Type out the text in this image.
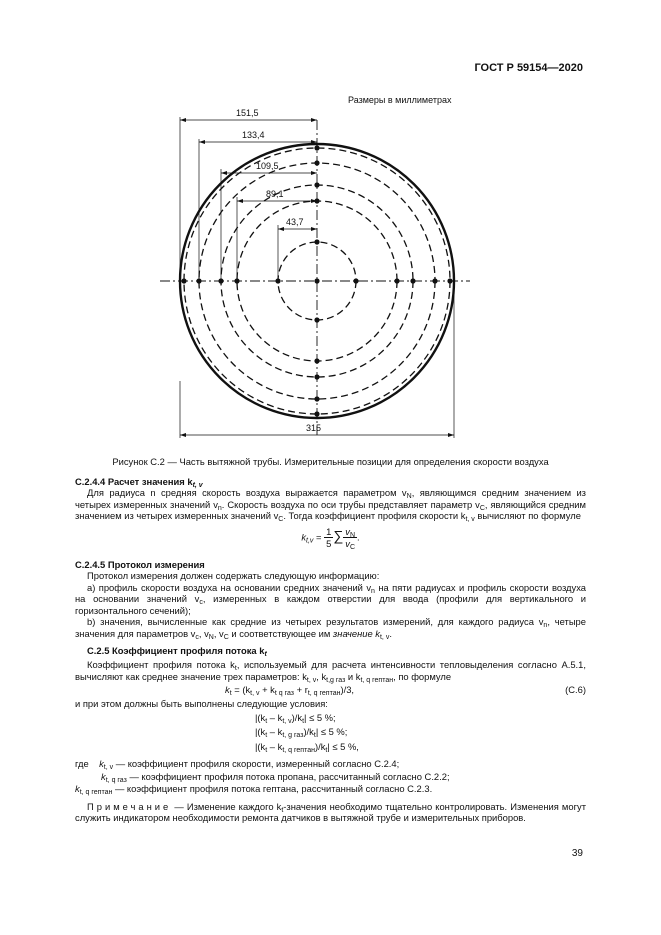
ГОСТ Р 59154—2020
Размеры в миллиметрах
151,5
133,4
109,5
89,1
43,7
315
Рисунок С.2 — Часть вытяжной трубы. Измерительные позиции для определения скорости воздуха
C.2.4.4 Расчет значения $k_{t, v}$
Для радиуса n средняя скорость воздуха выражается параметром $v_N$, являющимся средним значением из четырех измеренных значений $v_n$. Скорость воздуха по оси трубы представляет параметр $v_C$, являющийся средним значением из четырех измеренных значений $v_C$. Тогда коэффициент профиля скорости $k_{t, v}$ вычисляют по формуле
$k_{t,v} = \frac{1}{5}$ ∑ $\frac{v_N}{v_C}$ .
C.2.4.5 Протокол измерения
Протокол измерения должен содержать следующую информацию:
a) профиль скорости воздуха на основании средних значений $v_n$ на пяти радиусах и профиль скорости воздуха на основании значений $v_c$, измеренных в каждом отверстии для ввода (профили для вертикального и горизонтального сечений);
b) значения, вычисленные как средние из четырех результатов измерений, для каждого радиуса $v_n$, четыре значения для параметров $v_c$, $v_N$, $v_C$ и соответствующее им значение $k_{t, v}$.
C.2.5 Коэффициент профиля потока $k_t$
Коэффициент профиля потока $k_t$, используемый для расчета интенсивности тепловыделения согласно А.5.1, вычисляют как среднее значение трех параметров: $k_{t, v}$, $k_{t,g газ}$ и $k_{t, q гептан}$, по формуле
$k_t = (k_{t, v} + k_{t q газ} + r_{t, q гептан})/3$,	(C.6)
и при этом должны быть выполнены следующие условия:
$|(k_t - k_{t, v})/k_t| \le 5$ %;
$|(k_t - k_{t, g газ})/k_t| \le 5$ %;
$|(k_t - k_{t, q гептан})/k_t| \le 5$ %,
где    $k_{t, v}$ — коэффициент профиля скорости, измеренный согласно С.2.4;
$k_{t, q газ}$ — коэффициент профиля потока пропана, рассчитанный согласно С.2.2;
$k_{t, q гептан}$ — коэффициент профиля потока гептана, рассчитанный согласно С.2.3.
Примечание — Изменение каждого $k_t$-значения необходимо тщательно контролировать. Изменения могут служить индикатором необходимости ремонта датчиков в вытяжной трубе и измерительных приборов.
39
